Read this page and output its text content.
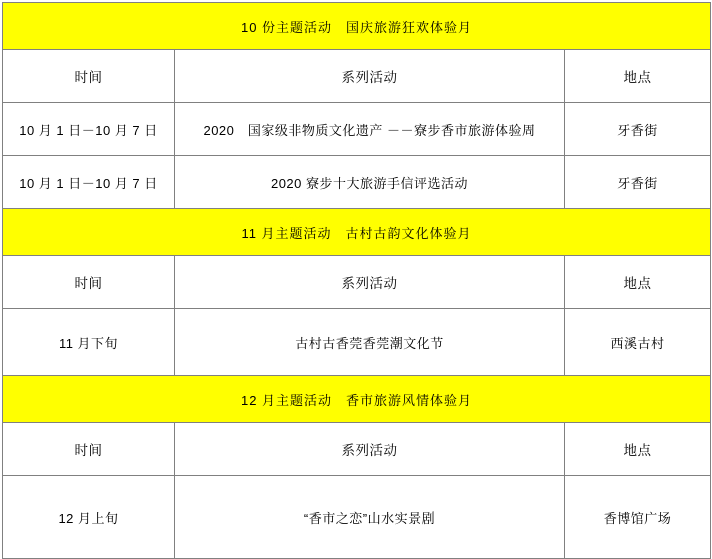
10 份主题活动　国庆旅游狂欢体验月		
时间	系列活动	地点
10 月 1 日－10 月 7 日	2020　国家级非物质文化遗产 －－寮步香市旅游体验周	牙香街
10 月 1 日－10 月 7 日	2020 寮步十大旅游手信评选活动	牙香街
11 月主题活动　古村古韵文化体验月		
时间	系列活动	地点
11 月下旬	古村古香莞香莞潮文化节	西溪古村
12 月主题活动　香市旅游风情体验月		
时间	系列活动	地点
12 月上旬	“香市之恋”山水实景剧	香博馆广场
